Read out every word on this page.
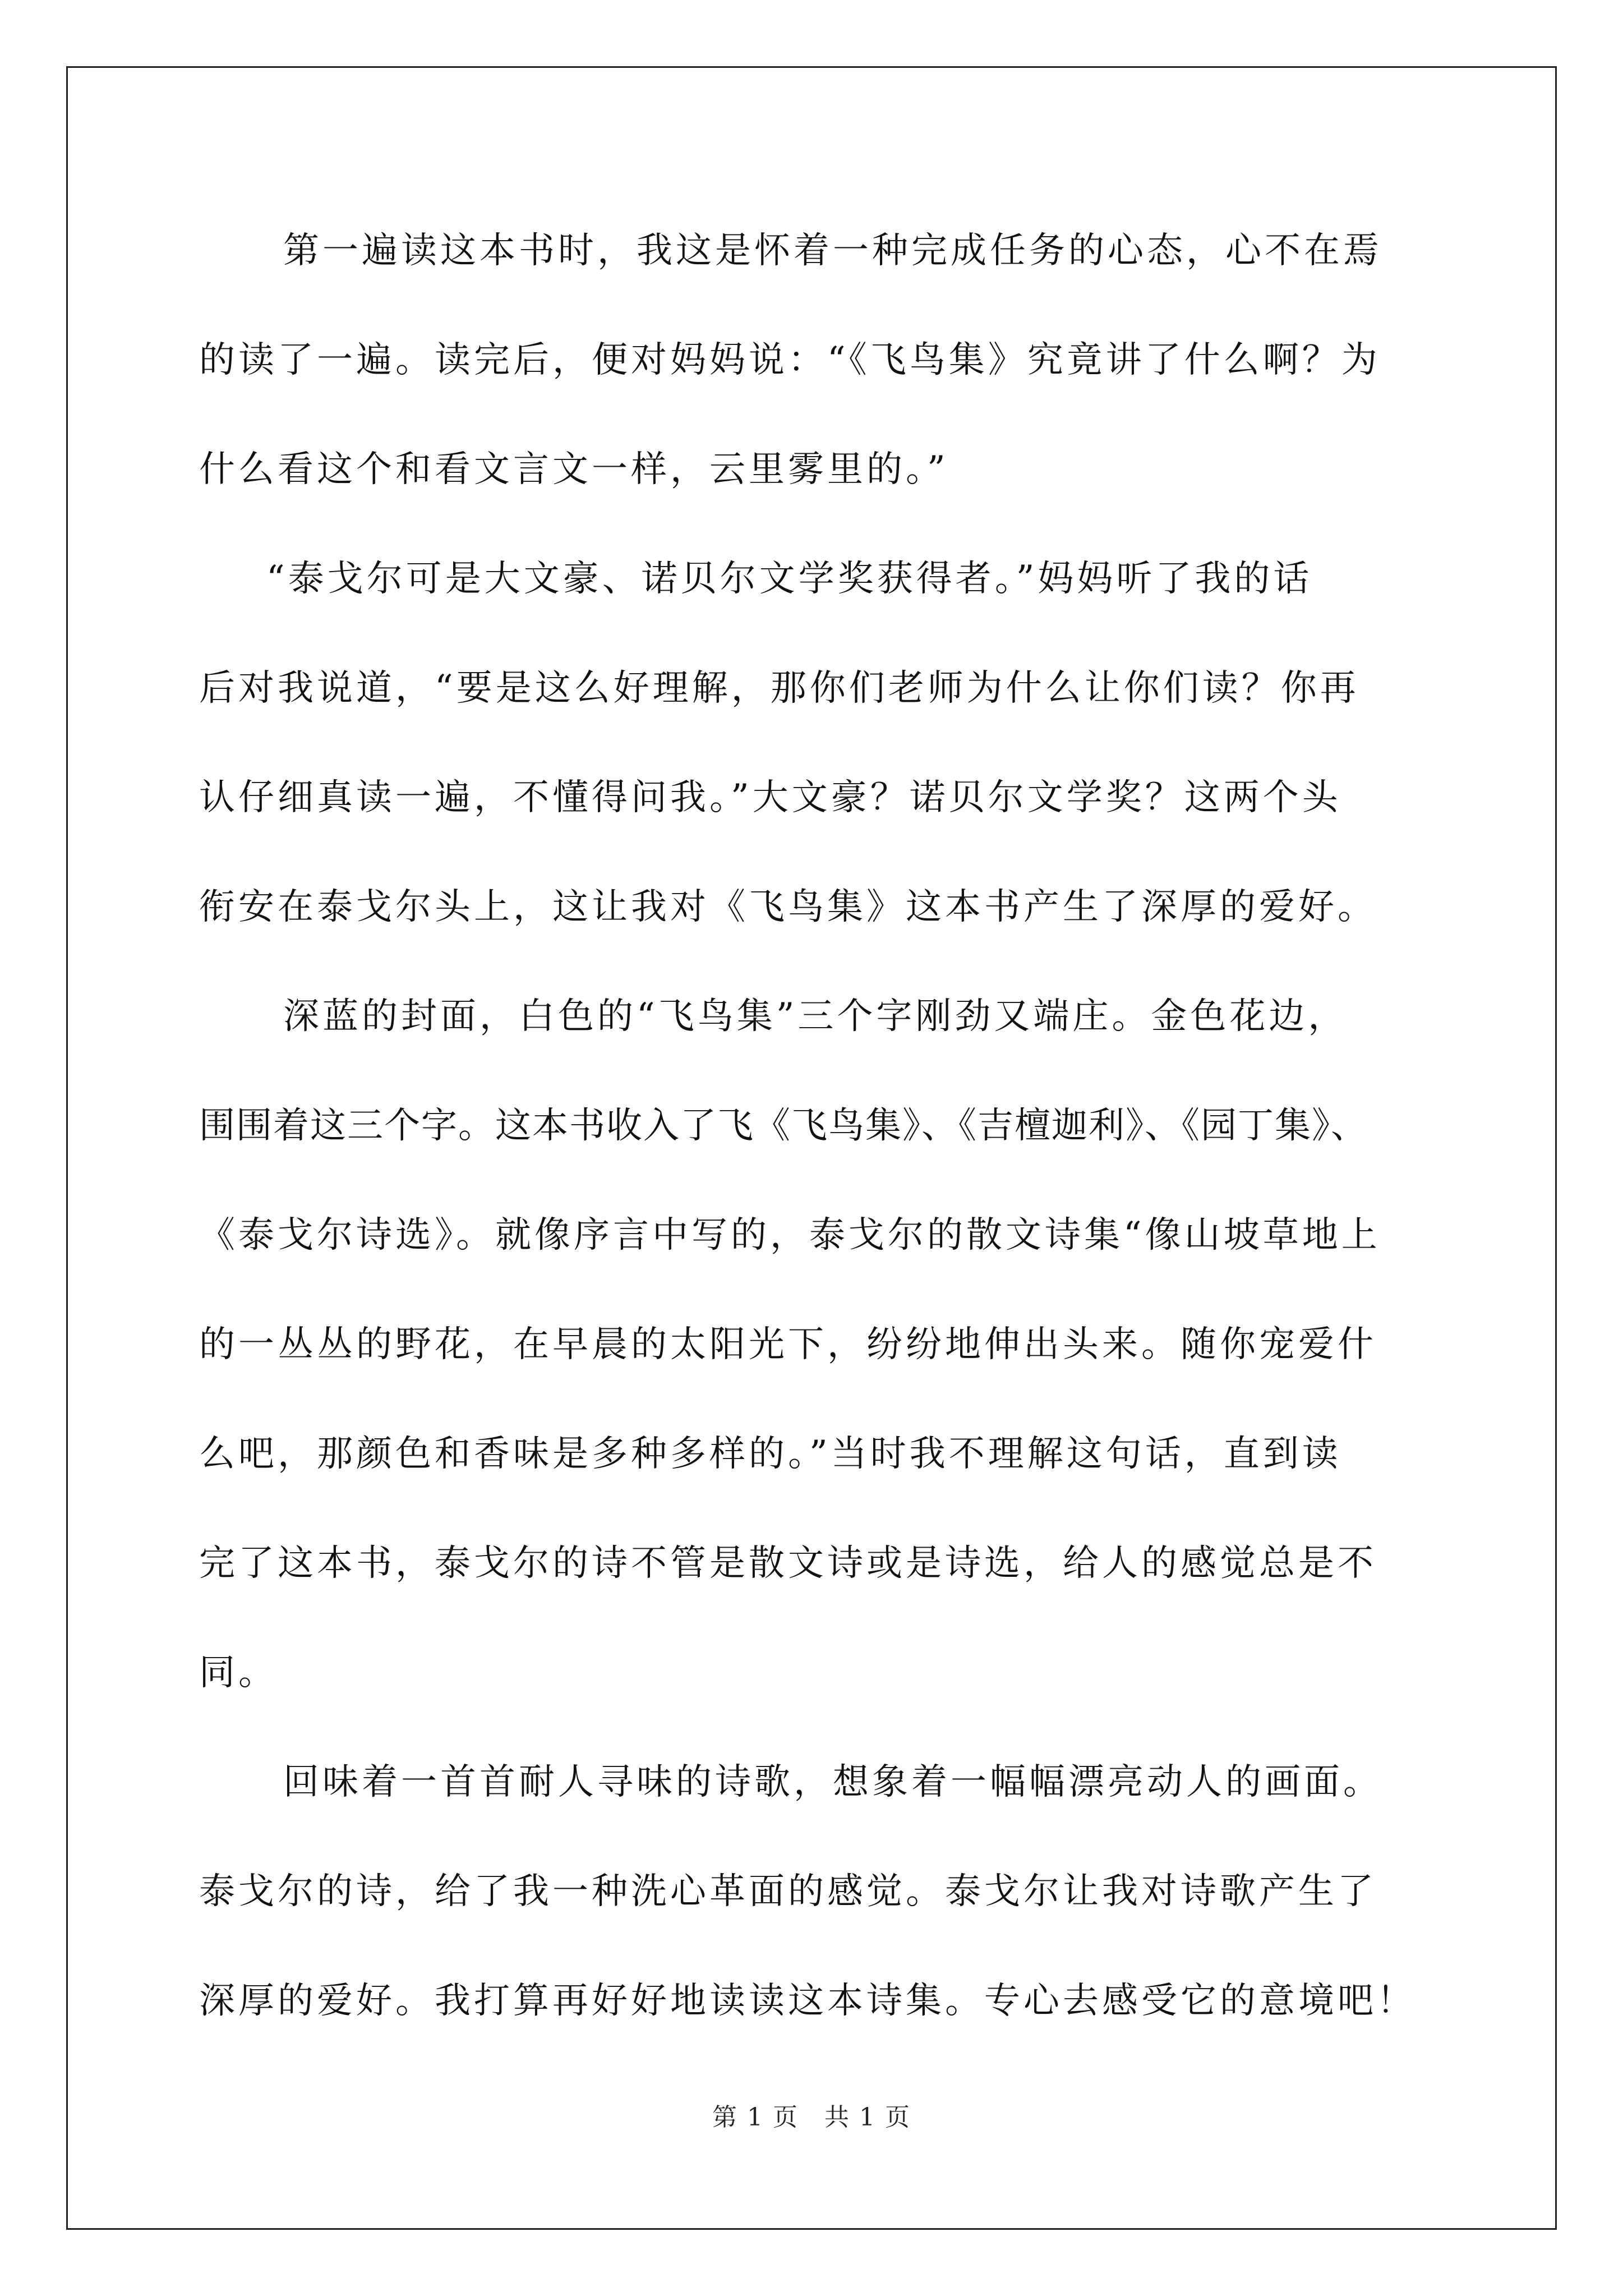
第一遍读这本书时，我这是怀着一种完成任务的心态，心不在焉
的读了一遍。读完后，便对妈妈说：“《飞鸟集》究竟讲了什么啊？为
什么看这个和看文言文一样，云里雾里的。”
“泰戈尔可是大文豪、诺贝尔文学奖获得者。”妈妈听了我的话
后对我说道，“要是这么好理解，那你们老师为什么让你们读？你再
认仔细真读一遍，不懂得问我。”大文豪？诺贝尔文学奖？这两个头
衔安在泰戈尔头上，这让我对《飞鸟集》这本书产生了深厚的爱好。
深蓝的封面，白色的“飞鸟集”三个字刚劲又端庄。金色花边，
围围着这三个字。这本书收入了飞《飞鸟集》、《吉檀迦利》、《园丁集》、
《泰戈尔诗选》。就像序言中写的，泰戈尔的散文诗集“像山坡草地上
的一丛丛的野花，在早晨的太阳光下，纷纷地伸出头来。随你宠爱什
么吧，那颜色和香味是多种多样的。”当时我不理解这句话，直到读
完了这本书，泰戈尔的诗不管是散文诗或是诗选，给人的感觉总是不
同。
回味着一首首耐人寻味的诗歌，想象着一幅幅漂亮动人的画面。
泰戈尔的诗，给了我一种洗心革面的感觉。泰戈尔让我对诗歌产生了
深厚的爱好。我打算再好好地读读这本诗集。专心去感受它的意境吧！
第 1 页　共 1 页
